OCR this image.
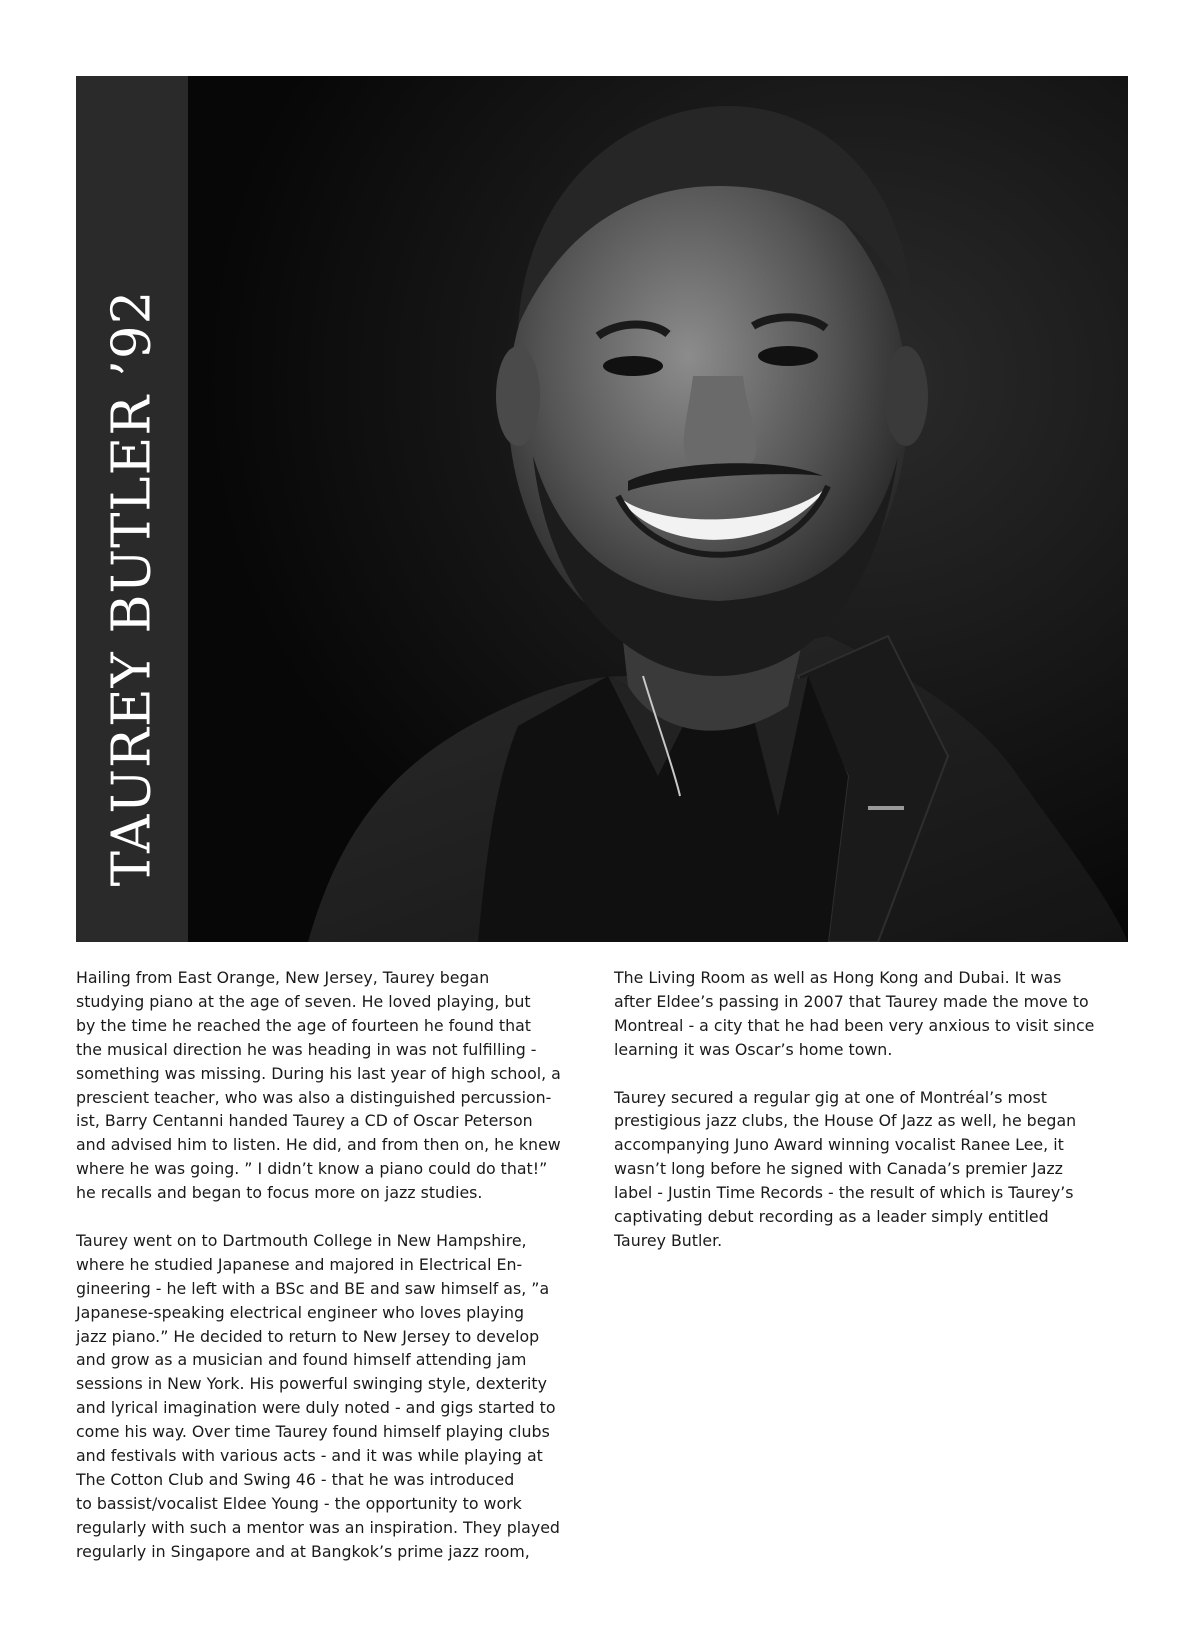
TAUREY BUTLER ’92

Hailing from East Orange, New Jersey, Taurey began
studying piano at the age of seven. He loved playing, but
by the time he reached the age of fourteen he found that
the musical direction he was heading in was not fulfilling -
something was missing. During his last year of high school, a
prescient teacher, who was also a distinguished percussion-
ist, Barry Centanni handed Taurey a CD of Oscar Peterson
and advised him to listen. He did, and from then on, he knew
where he was going. ” I didn’t know a piano could do that!”
he recalls and began to focus more on jazz studies.

Taurey went on to Dartmouth College in New Hampshire,
where he studied Japanese and majored in Electrical En-
gineering - he left with a BSc and BE and saw himself as, ”a
Japanese-speaking electrical engineer who loves playing
jazz piano.” He decided to return to New Jersey to develop
and grow as a musician and found himself attending jam
sessions in New York. His powerful swinging style, dexterity
and lyrical imagination were duly noted - and gigs started to
come his way. Over time Taurey found himself playing clubs
and festivals with various acts - and it was while playing at
The Cotton Club and Swing 46 - that he was introduced
to bassist/vocalist Eldee Young - the opportunity to work
regularly with such a mentor was an inspiration. They played
regularly in Singapore and at Bangkok’s prime jazz room,

The Living Room as well as Hong Kong and Dubai. It was
after Eldee’s passing in 2007 that Taurey made the move to
Montreal - a city that he had been very anxious to visit since
learning it was Oscar’s home town.

Taurey secured a regular gig at one of Montréal’s most
prestigious jazz clubs, the House Of Jazz as well, he began
accompanying Juno Award winning vocalist Ranee Lee, it
wasn’t long before he signed with Canada’s premier Jazz
label - Justin Time Records - the result of which is Taurey’s
captivating debut recording as a leader simply entitled
Taurey Butler.
